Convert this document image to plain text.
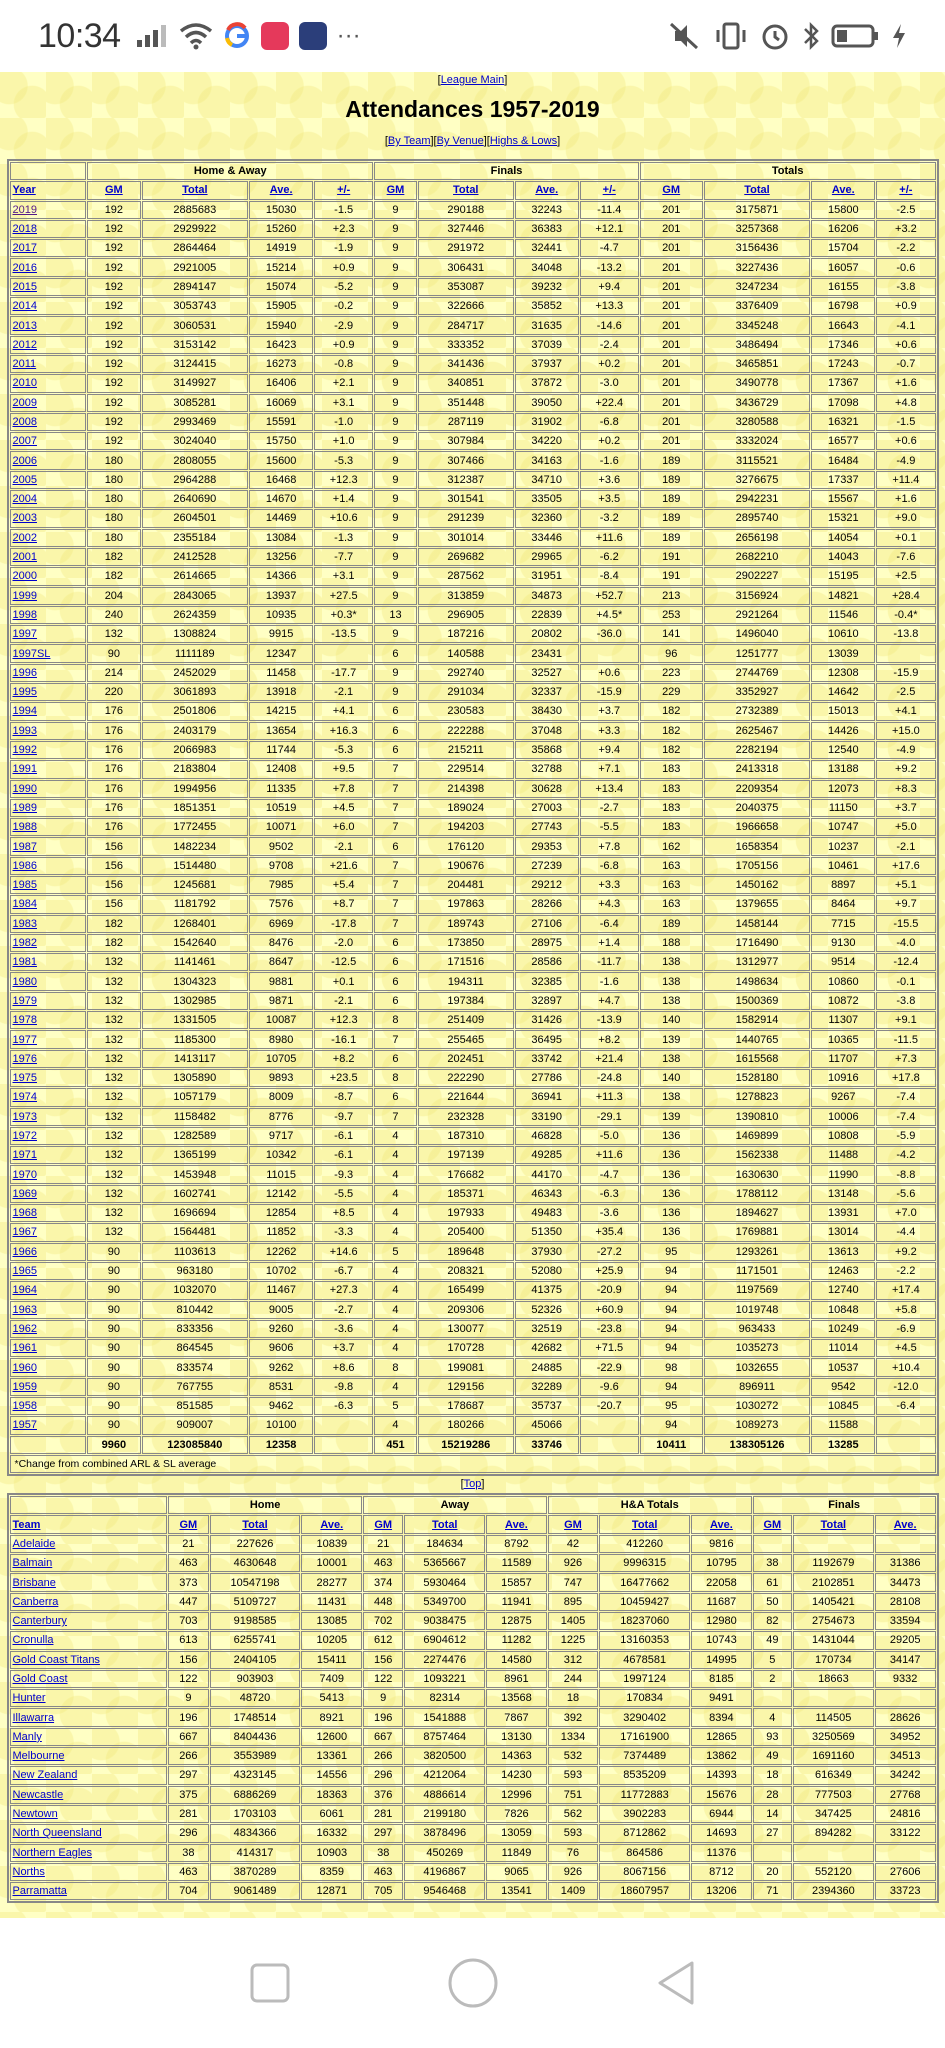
10:34	···
[League Main]
Attendances 1957-2019
[By Team][By Venue][Highs & Lows]
	Home & Away				Finals				Totals			
Year	GM	Total	Ave.	+/-	GM	Total	Ave.	+/-	GM	Total	Ave.	+/-
2019	192	2885683	15030	-1.5	9	290188	32243	-11.4	201	3175871	15800	-2.5
2018	192	2929922	15260	+2.3	9	327446	36383	+12.1	201	3257368	16206	+3.2
2017	192	2864464	14919	-1.9	9	291972	32441	-4.7	201	3156436	15704	-2.2
2016	192	2921005	15214	+0.9	9	306431	34048	-13.2	201	3227436	16057	-0.6
2015	192	2894147	15074	-5.2	9	353087	39232	+9.4	201	3247234	16155	-3.8
2014	192	3053743	15905	-0.2	9	322666	35852	+13.3	201	3376409	16798	+0.9
2013	192	3060531	15940	-2.9	9	284717	31635	-14.6	201	3345248	16643	-4.1
2012	192	3153142	16423	+0.9	9	333352	37039	-2.4	201	3486494	17346	+0.6
2011	192	3124415	16273	-0.8	9	341436	37937	+0.2	201	3465851	17243	-0.7
2010	192	3149927	16406	+2.1	9	340851	37872	-3.0	201	3490778	17367	+1.6
2009	192	3085281	16069	+3.1	9	351448	39050	+22.4	201	3436729	17098	+4.8
2008	192	2993469	15591	-1.0	9	287119	31902	-6.8	201	3280588	16321	-1.5
2007	192	3024040	15750	+1.0	9	307984	34220	+0.2	201	3332024	16577	+0.6
2006	180	2808055	15600	-5.3	9	307466	34163	-1.6	189	3115521	16484	-4.9
2005	180	2964288	16468	+12.3	9	312387	34710	+3.6	189	3276675	17337	+11.4
2004	180	2640690	14670	+1.4	9	301541	33505	+3.5	189	2942231	15567	+1.6
2003	180	2604501	14469	+10.6	9	291239	32360	-3.2	189	2895740	15321	+9.0
2002	180	2355184	13084	-1.3	9	301014	33446	+11.6	189	2656198	14054	+0.1
2001	182	2412528	13256	-7.7	9	269682	29965	-6.2	191	2682210	14043	-7.6
2000	182	2614665	14366	+3.1	9	287562	31951	-8.4	191	2902227	15195	+2.5
1999	204	2843065	13937	+27.5	9	313859	34873	+52.7	213	3156924	14821	+28.4
1998	240	2624359	10935	+0.3*	13	296905	22839	+4.5*	253	2921264	11546	-0.4*
1997	132	1308824	9915	-13.5	9	187216	20802	-36.0	141	1496040	10610	-13.8
1997SL	90	1111189	12347		6	140588	23431		96	1251777	13039	
1996	214	2452029	11458	-17.7	9	292740	32527	+0.6	223	2744769	12308	-15.9
1995	220	3061893	13918	-2.1	9	291034	32337	-15.9	229	3352927	14642	-2.5
1994	176	2501806	14215	+4.1	6	230583	38430	+3.7	182	2732389	15013	+4.1
1993	176	2403179	13654	+16.3	6	222288	37048	+3.3	182	2625467	14426	+15.0
1992	176	2066983	11744	-5.3	6	215211	35868	+9.4	182	2282194	12540	-4.9
1991	176	2183804	12408	+9.5	7	229514	32788	+7.1	183	2413318	13188	+9.2
1990	176	1994956	11335	+7.8	7	214398	30628	+13.4	183	2209354	12073	+8.3
1989	176	1851351	10519	+4.5	7	189024	27003	-2.7	183	2040375	11150	+3.7
1988	176	1772455	10071	+6.0	7	194203	27743	-5.5	183	1966658	10747	+5.0
1987	156	1482234	9502	-2.1	6	176120	29353	+7.8	162	1658354	10237	-2.1
1986	156	1514480	9708	+21.6	7	190676	27239	-6.8	163	1705156	10461	+17.6
1985	156	1245681	7985	+5.4	7	204481	29212	+3.3	163	1450162	8897	+5.1
1984	156	1181792	7576	+8.7	7	197863	28266	+4.3	163	1379655	8464	+9.7
1983	182	1268401	6969	-17.8	7	189743	27106	-6.4	189	1458144	7715	-15.5
1982	182	1542640	8476	-2.0	6	173850	28975	+1.4	188	1716490	9130	-4.0
1981	132	1141461	8647	-12.5	6	171516	28586	-11.7	138	1312977	9514	-12.4
1980	132	1304323	9881	+0.1	6	194311	32385	-1.6	138	1498634	10860	-0.1
1979	132	1302985	9871	-2.1	6	197384	32897	+4.7	138	1500369	10872	-3.8
1978	132	1331505	10087	+12.3	8	251409	31426	-13.9	140	1582914	11307	+9.1
1977	132	1185300	8980	-16.1	7	255465	36495	+8.2	139	1440765	10365	-11.5
1976	132	1413117	10705	+8.2	6	202451	33742	+21.4	138	1615568	11707	+7.3
1975	132	1305890	9893	+23.5	8	222290	27786	-24.8	140	1528180	10916	+17.8
1974	132	1057179	8009	-8.7	6	221644	36941	+11.3	138	1278823	9267	-7.4
1973	132	1158482	8776	-9.7	7	232328	33190	-29.1	139	1390810	10006	-7.4
1972	132	1282589	9717	-6.1	4	187310	46828	-5.0	136	1469899	10808	-5.9
1971	132	1365199	10342	-6.1	4	197139	49285	+11.6	136	1562338	11488	-4.2
1970	132	1453948	11015	-9.3	4	176682	44170	-4.7	136	1630630	11990	-8.8
1969	132	1602741	12142	-5.5	4	185371	46343	-6.3	136	1788112	13148	-5.6
1968	132	1696694	12854	+8.5	4	197933	49483	-3.6	136	1894627	13931	+7.0
1967	132	1564481	11852	-3.3	4	205400	51350	+35.4	136	1769881	13014	-4.4
1966	90	1103613	12262	+14.6	5	189648	37930	-27.2	95	1293261	13613	+9.2
1965	90	963180	10702	-6.7	4	208321	52080	+25.9	94	1171501	12463	-2.2
1964	90	1032070	11467	+27.3	4	165499	41375	-20.9	94	1197569	12740	+17.4
1963	90	810442	9005	-2.7	4	209306	52326	+60.9	94	1019748	10848	+5.8
1962	90	833356	9260	-3.6	4	130077	32519	-23.8	94	963433	10249	-6.9
1961	90	864545	9606	+3.7	4	170728	42682	+71.5	94	1035273	11014	+4.5
1960	90	833574	9262	+8.6	8	199081	24885	-22.9	98	1032655	10537	+10.4
1959	90	767755	8531	-9.8	4	129156	32289	-9.6	94	896911	9542	-12.0
1958	90	851585	9462	-6.3	5	178687	35737	-20.7	95	1030272	10845	-6.4
1957	90	909007	10100		4	180266	45066		94	1089273	11588	
	9960	123085840	12358		451	15219286	33746		10411	138305126	13285	
*Change from combined ARL & SL average												
[Top]
	Home			Away			H&A Totals			Finals		
Team	GM	Total	Ave.	GM	Total	Ave.	GM	Total	Ave.	GM	Total	Ave.
Adelaide	21	227626	10839	21	184634	8792	42	412260	9816			
Balmain	463	4630648	10001	463	5365667	11589	926	9996315	10795	38	1192679	31386
Brisbane	373	10547198	28277	374	5930464	15857	747	16477662	22058	61	2102851	34473
Canberra	447	5109727	11431	448	5349700	11941	895	10459427	11687	50	1405421	28108
Canterbury	703	9198585	13085	702	9038475	12875	1405	18237060	12980	82	2754673	33594
Cronulla	613	6255741	10205	612	6904612	11282	1225	13160353	10743	49	1431044	29205
Gold Coast Titans	156	2404105	15411	156	2274476	14580	312	4678581	14995	5	170734	34147
Gold Coast	122	903903	7409	122	1093221	8961	244	1997124	8185	2	18663	9332
Hunter	9	48720	5413	9	82314	13568	18	170834	9491			
Illawarra	196	1748514	8921	196	1541888	7867	392	3290402	8394	4	114505	28626
Manly	667	8404436	12600	667	8757464	13130	1334	17161900	12865	93	3250569	34952
Melbourne	266	3553989	13361	266	3820500	14363	532	7374489	13862	49	1691160	34513
New Zealand	297	4323145	14556	296	4212064	14230	593	8535209	14393	18	616349	34242
Newcastle	375	6886269	18363	376	4886614	12996	751	11772883	15676	28	777503	27768
Newtown	281	1703103	6061	281	2199180	7826	562	3902283	6944	14	347425	24816
North Queensland	296	4834366	16332	297	3878496	13059	593	8712862	14693	27	894282	33122
Northern Eagles	38	414317	10903	38	450269	11849	76	864586	11376			
Norths	463	3870289	8359	463	4196867	9065	926	8067156	8712	20	552120	27606
Parramatta	704	9061489	12871	705	9546468	13541	1409	18607957	13206	71	2394360	33723
